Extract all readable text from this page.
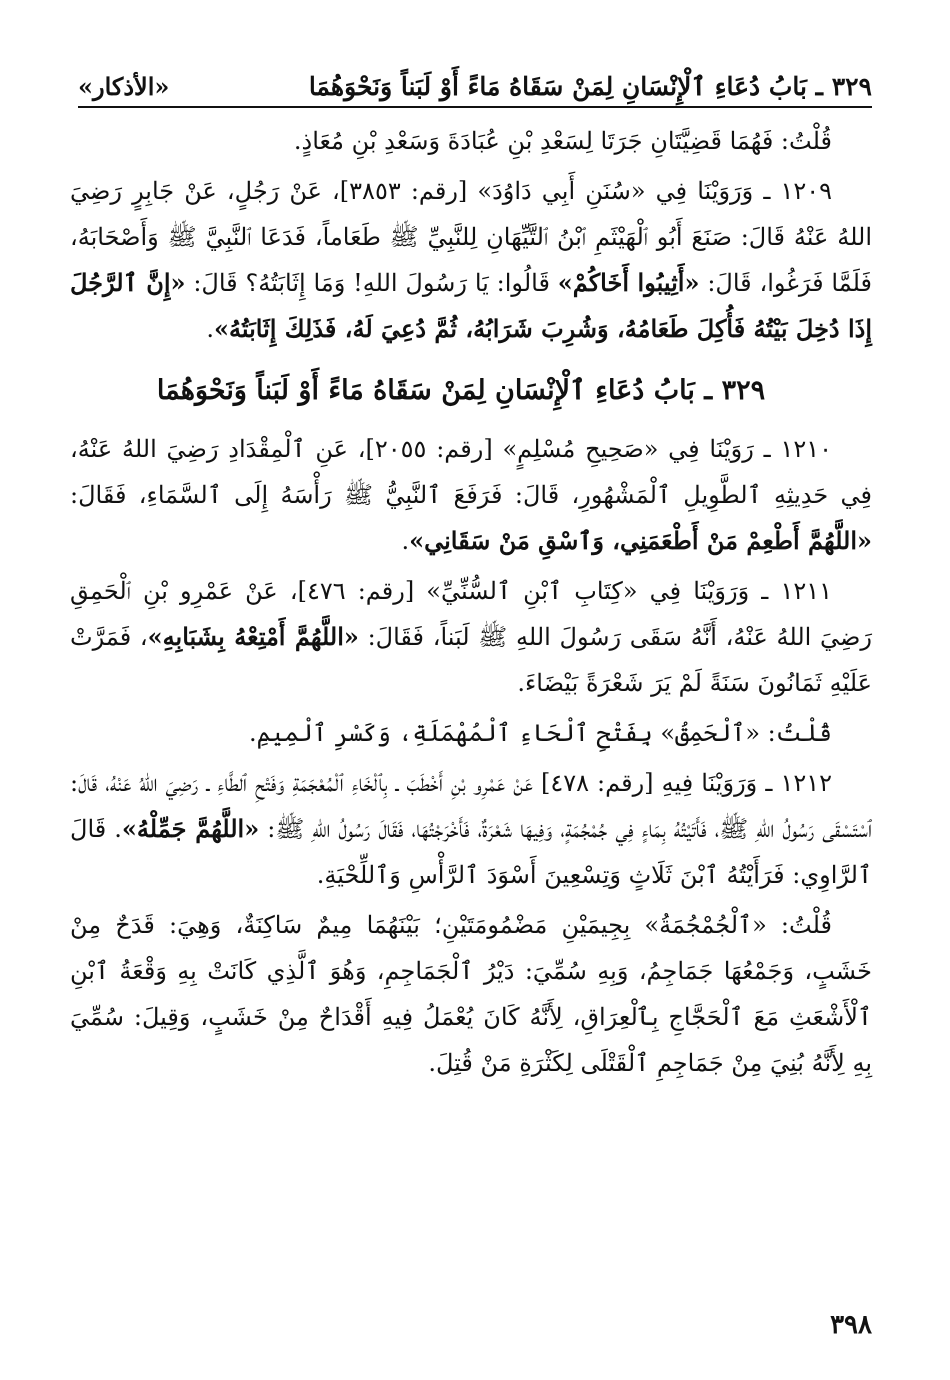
٣٢٩ ـ بَابُ دُعَاءِ ٱلْإِنْسَانِ لِمَنْ سَقَاهُ مَاءً أَوْ لَبَناً وَنَحْوَهُمَا
«الأذكار»

قُلْتُ: فَهُمَا قَضِيَّتَانِ جَرَتَا لِسَعْدِ بْنِ عُبَادَةَ وَسَعْدِ بْنِ مُعَاذٍ.

١٢٠٩ ـ وَرَوَيْنَا فِي «سُنَنِ أَبِي دَاوُدَ» [رقم: ٣٨٥٣]، عَنْ رَجُلٍ، عَنْ جَابِرٍ رَضِيَ اللهُ عَنْهُ قَالَ: صَنَعَ أَبُو ٱلْهَيْثَمِ ٱبْنُ ٱلتَّيِّهَانِ لِلنَّبِيِّ ﷺ طَعَاماً، فَدَعَا ٱلنَّبِيَّ ﷺ وَأَصْحَابَهُ، فَلَمَّا فَرَغُوا، قَالَ: «أَثِيبُوا أَخَاكُمْ» قَالُوا: يَا رَسُولَ اللهِ! وَمَا إِثَابَتُهُ؟ قَالَ: «إِنَّ ٱلرَّجُلَ إِذَا دُخِلَ بَيْتُهُ فَأُكِلَ طَعَامُهُ، وَشُرِبَ شَرَابُهُ، ثُمَّ دُعِيَ لَهُ، فَذَلِكَ إِثَابَتُهُ».

٣٢٩ ـ بَابُ دُعَاءِ ٱلْإِنْسَانِ لِمَنْ سَقَاهُ مَاءً أَوْ لَبَناً وَنَحْوَهُمَا

١٢١٠ ـ رَوَيْنَا فِي «صَحِيحِ مُسْلِمٍ» [رقم: ٢٠٥٥]، عَنِ ٱلْمِقْدَادِ رَضِيَ اللهُ عَنْهُ، فِي حَدِيثِهِ ٱلطَّوِيلِ ٱلْمَشْهُورِ، قَالَ: فَرَفَعَ ٱلنَّبِيُّ ﷺ رَأْسَهُ إِلَى ٱلسَّمَاءِ، فَقَالَ: «اللَّهُمَّ أَطْعِمْ مَنْ أَطْعَمَنِي، وَٱسْقِ مَنْ سَقَانِي».

١٢١١ ـ وَرَوَيْنَا فِي «كِتَابِ ٱبْنِ ٱلسُّنِّيِّ» [رقم: ٤٧٦]، عَنْ عَمْرِو بْنِ ٱلْحَمِقِ رَضِيَ اللهُ عَنْهُ، أَنَّهُ سَقَى رَسُولَ اللهِ ﷺ لَبَناً، فَقَالَ: «اللَّهُمَّ أَمْتِعْهُ بِشَبَابِهِ»، فَمَرَّتْ عَلَيْهِ ثَمَانُونَ سَنَةً لَمْ يَرَ شَعْرَةً بَيْضَاءَ.

قُلْتُ: «ٱلْحَمِقُ» بِفَتْحِ ٱلْحَاءِ ٱلْمُهْمَلَةِ، وَكَسْرِ ٱلْمِيمِ.

١٢١٢ ـ وَرَوَيْنَا فِيهِ [رقم: ٤٧٨] عَنْ عَمْرِو بْنِ أَخْطَبَ ـ بِٱلْخَاءِ ٱلْمُعْجَمَةِ وَفَتْحِ ٱلطَّاءِ ـ رَضِيَ اللهُ عَنْهُ، قَالَ: ٱسْتَسْقَى رَسُولُ اللهِ ﷺ، فَأَتَيْتُهُ بِمَاءٍ فِي جُمْجُمَةٍ، وَفِيهَا شَعْرَةٌ، فَأَخْرَجْتُهَا، فَقَالَ رَسُولُ اللهِ ﷺ: «اللَّهُمَّ جَمِّلْهُ». قَالَ ٱلرَّاوِي: فَرَأَيْتُهُ ٱبْنَ ثَلَاثٍ وَتِسْعِينَ أَسْوَدَ ٱلرَّأْسِ وَٱللِّحْيَةِ.

قُلْتُ: «ٱلْجُمْجُمَةُ» بِجِيمَيْنِ مَضْمُومَتَيْنِ؛ بَيْنَهُمَا مِيمٌ سَاكِنَةٌ، وَهِيَ: قَدَحٌ مِنْ خَشَبٍ، وَجَمْعُهَا جَمَاجِمُ، وَبِهِ سُمِّيَ: دَيْرُ ٱلْجَمَاجِمِ، وَهُوَ ٱلَّذِي كَانَتْ بِهِ وَقْعَةُ ٱبْنِ ٱلْأَشْعَثِ مَعَ ٱلْحَجَّاجِ بِٱلْعِرَاقِ، لِأَنَّهُ كَانَ يُعْمَلُ فِيهِ أَقْدَاحٌ مِنْ خَشَبٍ، وَقِيلَ: سُمِّيَ بِهِ لِأَنَّهُ بُنِيَ مِنْ جَمَاجِمِ ٱلْقَتْلَى لِكَثْرَةِ مَنْ قُتِلَ.

٣٩٨
